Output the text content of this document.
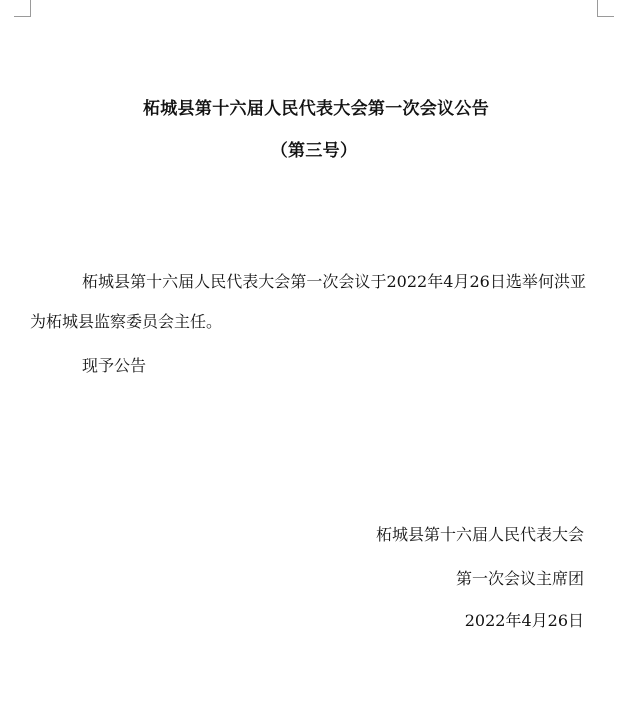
柘城县第十六届人民代表大会第一次会议公告
（第三号）
柘城县第十六届人民代表大会第一次会议于2022年4月26日选举何洪亚为柘城县监察委员会主任。
现予公告
柘城县第十六届人民代表大会
第一次会议主席团
2022年4月26日
